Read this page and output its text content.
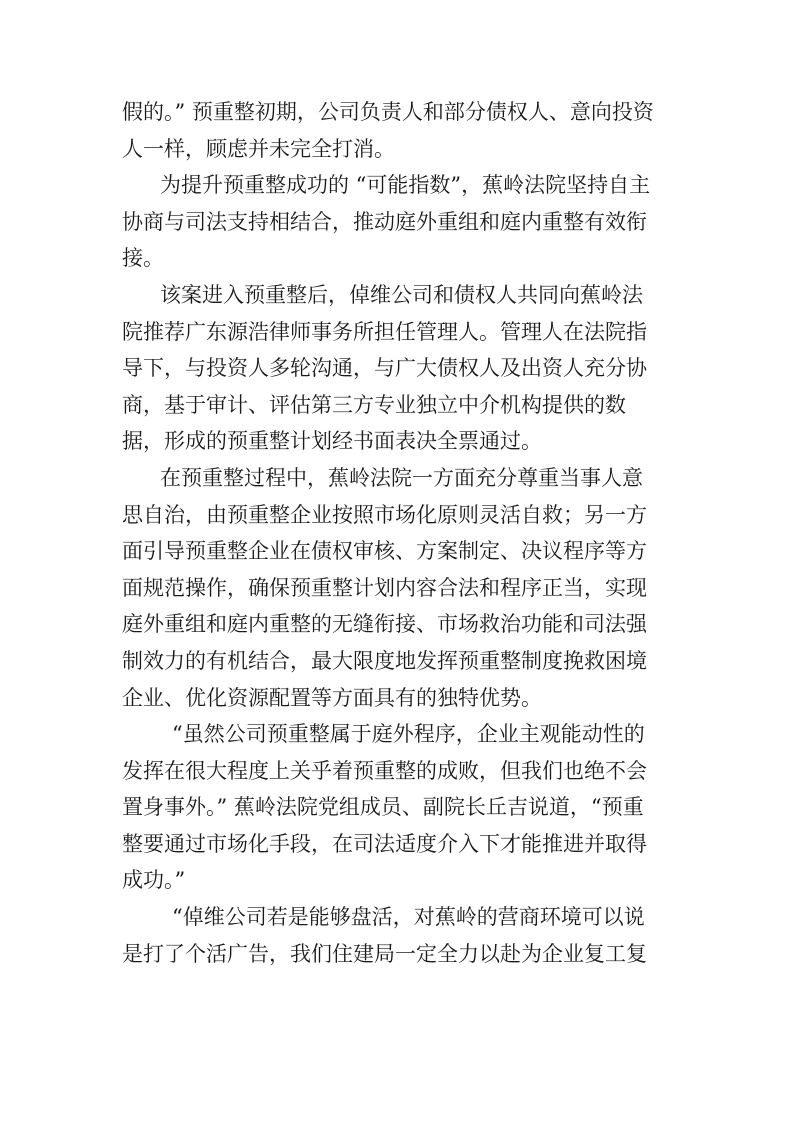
假的。” 预重整初期，公司负责人和部分债权人、意向投资
人一样，顾虑并未完全打消。
为提升预重整成功的 “可能指数”，蕉岭法院坚持自主
协商与司法支持相结合，推动庭外重组和庭内重整有效衔
接。
该案进入预重整后，倬维公司和债权人共同向蕉岭法
院推荐广东源浩律师事务所担任管理人。管理人在法院指
导下，与投资人多轮沟通，与广大债权人及出资人充分协
商，基于审计、评估第三方专业独立中介机构提供的数
据，形成的预重整计划经书面表决全票通过。
在预重整过程中，蕉岭法院一方面充分尊重当事人意
思自治，由预重整企业按照市场化原则灵活自救；另一方
面引导预重整企业在债权审核、方案制定、决议程序等方
面规范操作，确保预重整计划内容合法和程序正当，实现
庭外重组和庭内重整的无缝衔接、市场救治功能和司法强
制效力的有机结合，最大限度地发挥预重整制度挽救困境
企业、优化资源配置等方面具有的独特优势。
“虽然公司预重整属于庭外程序，企业主观能动性的
发挥在很大程度上关乎着预重整的成败，但我们也绝不会
置身事外。” 蕉岭法院党组成员、副院长丘吉说道，“预重
整要通过市场化手段，在司法适度介入下才能推进并取得
成功。”
“倬维公司若是能够盘活，对蕉岭的营商环境可以说
是打了个活广告，我们住建局一定全力以赴为企业复工复
